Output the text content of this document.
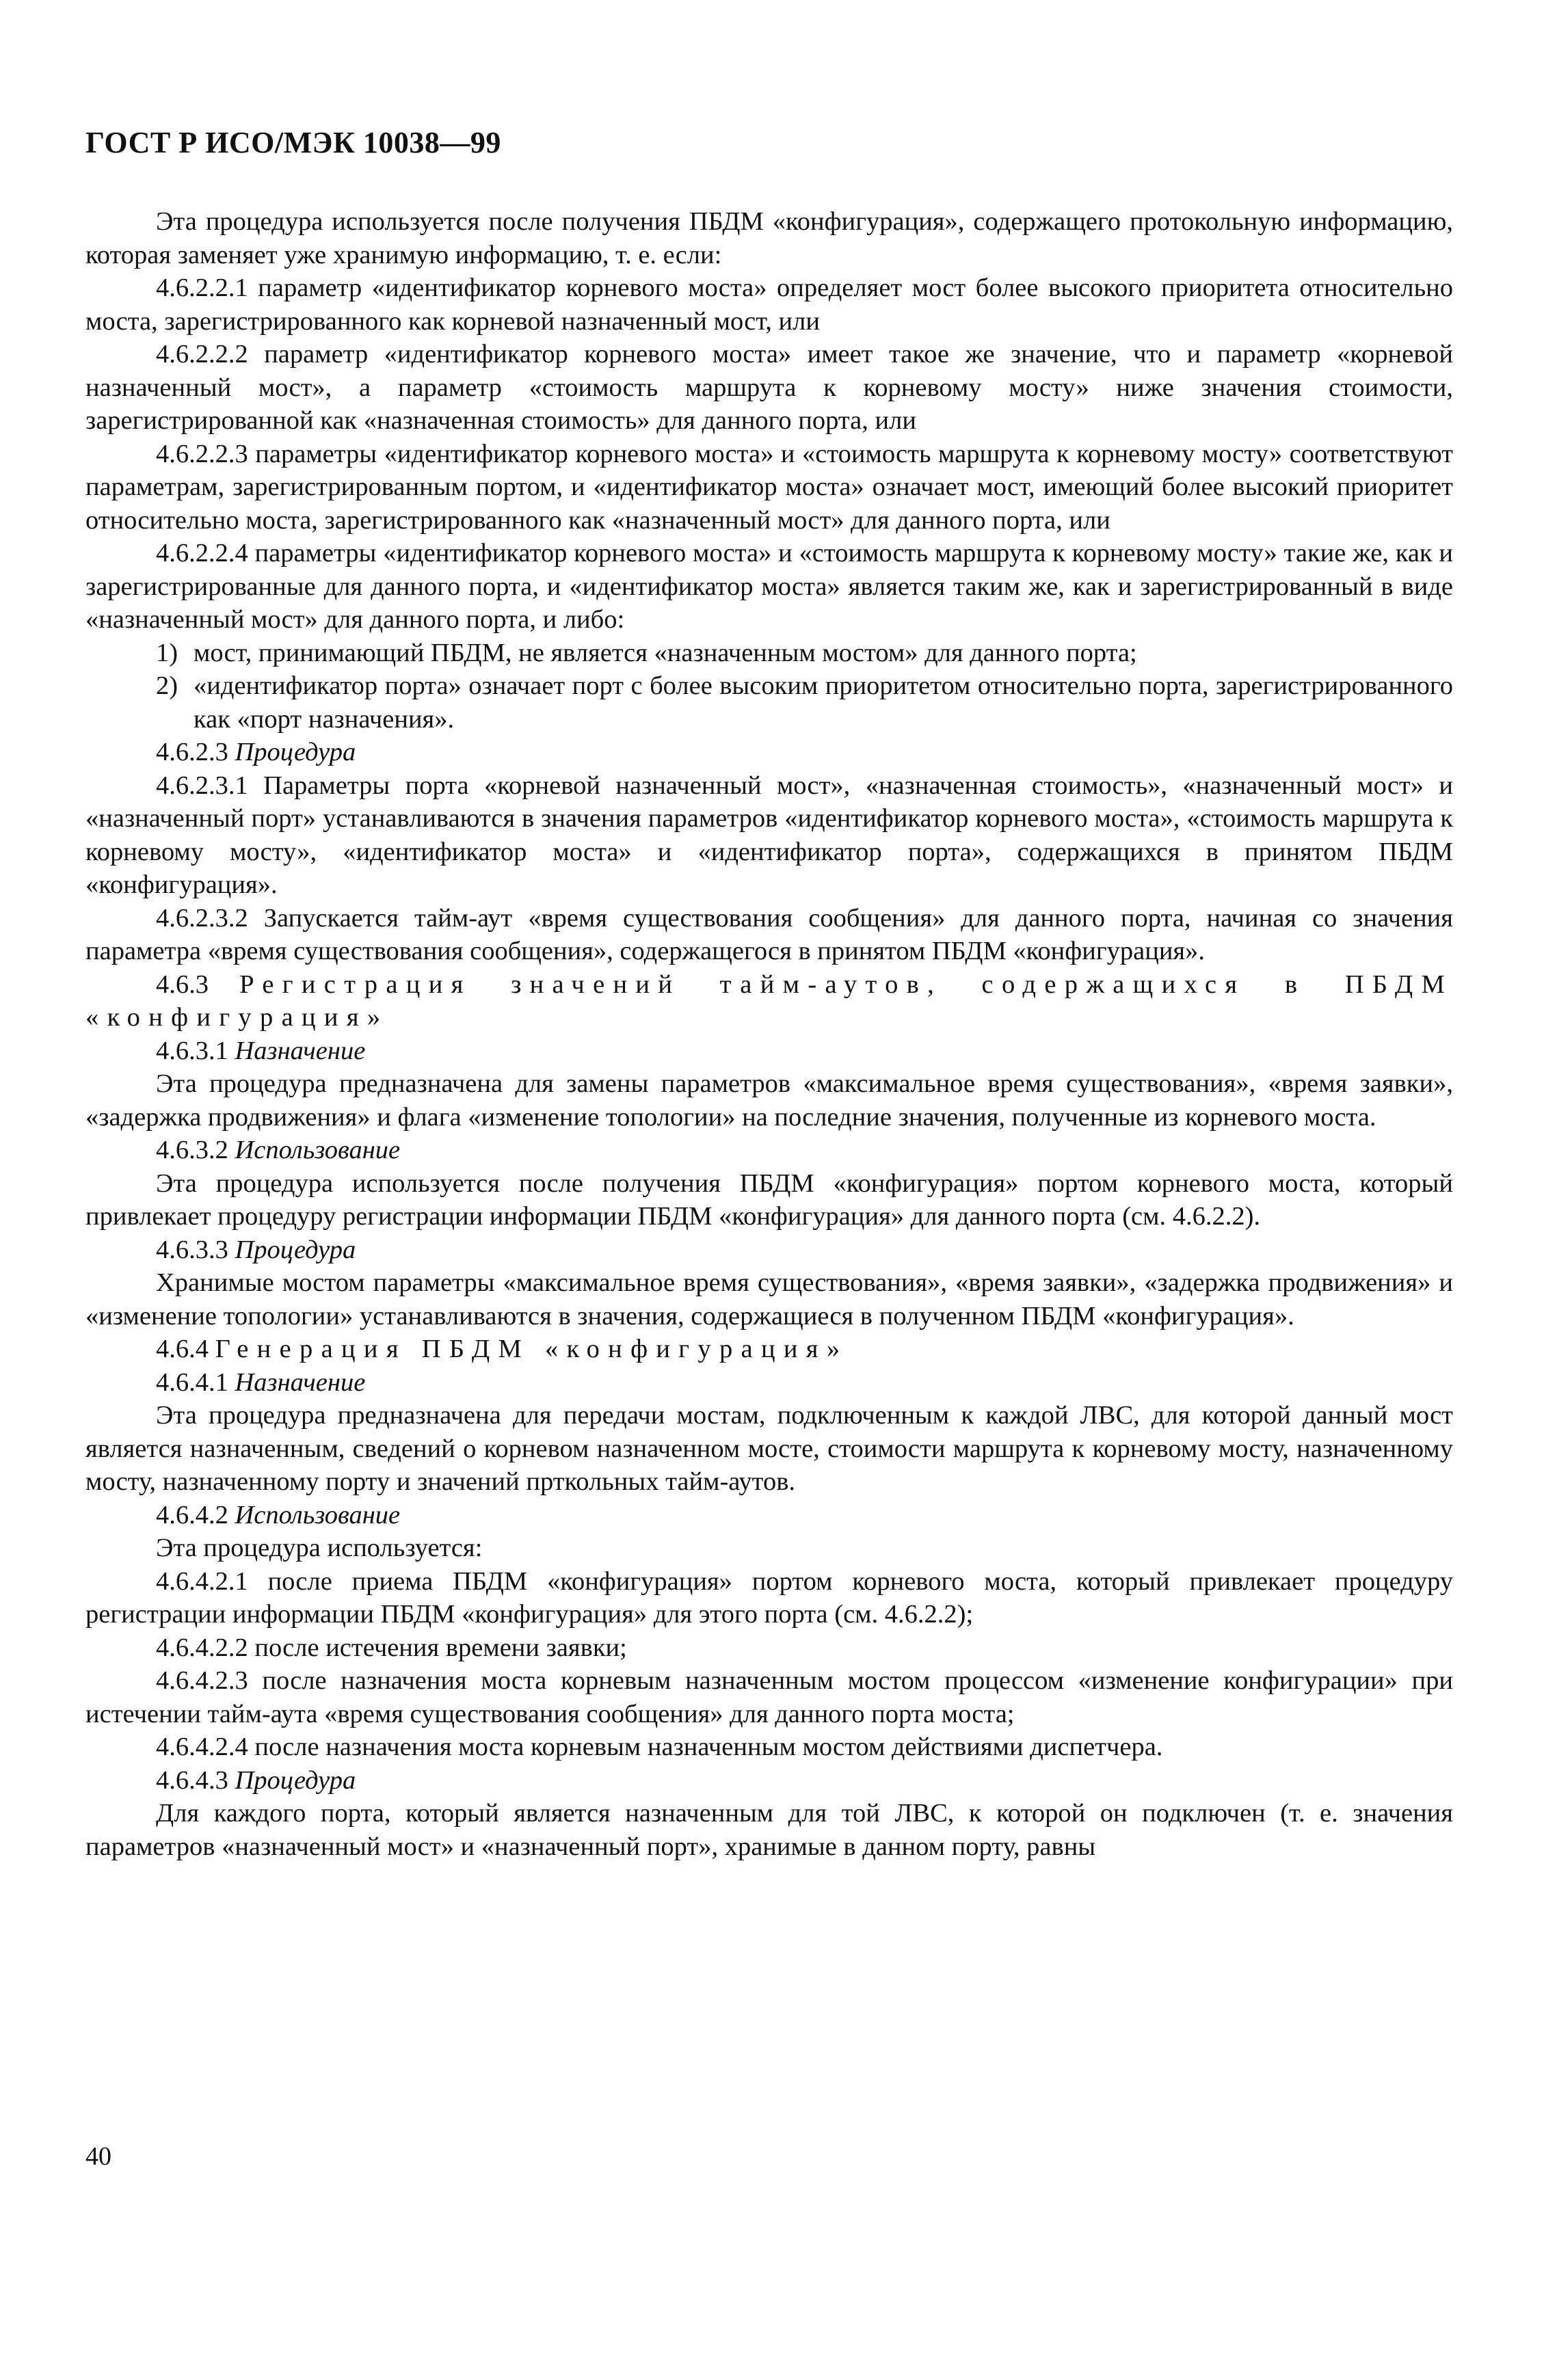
ГОСТ Р ИСО/МЭК 10038—99

Эта процедура используется после получения ПБДМ «конфигурация», содержащего протокольную информацию, которая заменяет уже хранимую информацию, т. е. если:

4.6.2.2.1 параметр «идентификатор корневого моста» определяет мост более высокого приоритета относительно моста, зарегистрированного как корневой назначенный мост, или

4.6.2.2.2 параметр «идентификатор корневого моста» имеет такое же значение, что и параметр «корневой назначенный мост», а параметр «стоимость маршрута к корневому мосту» ниже значения стоимости, зарегистрированной как «назначенная стоимость» для данного порта, или

4.6.2.2.3 параметры «идентификатор корневого моста» и «стоимость маршрута к корневому мосту» соответствуют параметрам, зарегистрированным портом, и «идентификатор моста» означает мост, имеющий более высокий приоритет относительно моста, зарегистрированного как «назначенный мост» для данного порта, или

4.6.2.2.4 параметры «идентификатор корневого моста» и «стоимость маршрута к корневому мосту» такие же, как и зарегистрированные для данного порта, и «идентификатор моста» является таким же, как и зарегистрированный в виде «назначенный мост» для данного порта, и либо:

1) мост, принимающий ПБДМ, не является «назначенным мостом» для данного порта;

2) «идентификатор порта» означает порт с более высоким приоритетом относительно порта, зарегистрированного как «порт назначения».

4.6.2.3 Процедура

4.6.2.3.1 Параметры порта «корневой назначенный мост», «назначенная стоимость», «назначенный мост» и «назначенный порт» устанавливаются в значения параметров «идентификатор корневого моста», «стоимость маршрута к корневому мосту», «идентификатор моста» и «идентификатор порта», содержащихся в принятом ПБДМ «конфигурация».

4.6.2.3.2 Запускается тайм-аут «время существования сообщения» для данного порта, начиная со значения параметра «время существования сообщения», содержащегося в принятом ПБДМ «конфигурация».

4.6.3 Регистрация значений тайм-аутов, содержащихся в ПБДМ «конфигурация»

4.6.3.1 Назначение

Эта процедура предназначена для замены параметров «максимальное время существования», «время заявки», «задержка продвижения» и флага «изменение топологии» на последние значения, полученные из корневого моста.

4.6.3.2 Использование

Эта процедура используется после получения ПБДМ «конфигурация» портом корневого моста, который привлекает процедуру регистрации информации ПБДМ «конфигурация» для данного порта (см. 4.6.2.2).

4.6.3.3 Процедура

Хранимые мостом параметры «максимальное время существования», «время заявки», «задержка продвижения» и «изменение топологии» устанавливаются в значения, содержащиеся в полученном ПБДМ «конфигурация».

4.6.4 Генерация ПБДМ «конфигурация»

4.6.4.1 Назначение

Эта процедура предназначена для передачи мостам, подключенным к каждой ЛВС, для которой данный мост является назначенным, сведений о корневом назначенном мосте, стоимости маршрута к корневому мосту, назначенному мосту, назначенному порту и значений прткольных тайм-аутов.

4.6.4.2 Использование

Эта процедура используется:

4.6.4.2.1 после приема ПБДМ «конфигурация» портом корневого моста, который привлекает процедуру регистрации информации ПБДМ «конфигурация» для этого порта (см. 4.6.2.2);

4.6.4.2.2 после истечения времени заявки;

4.6.4.2.3 после назначения моста корневым назначенным мостом процессом «изменение конфигурации» при истечении тайм-аута «время существования сообщения» для данного порта моста;

4.6.4.2.4 после назначения моста корневым назначенным мостом действиями диспетчера.

4.6.4.3 Процедура

Для каждого порта, который является назначенным для той ЛВС, к которой он подключен (т. е. значения параметров «назначенный мост» и «назначенный порт», хранимые в данном порту, равны

40
